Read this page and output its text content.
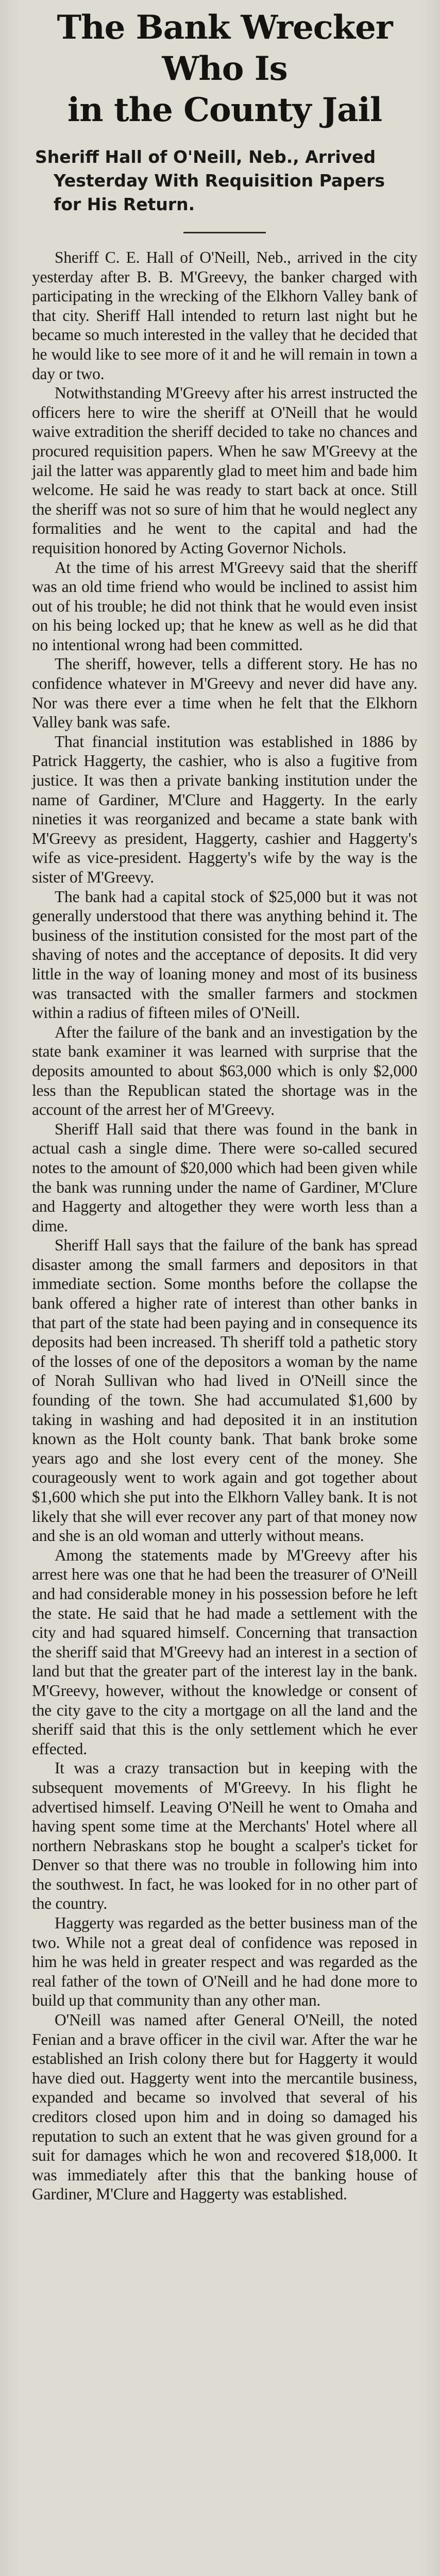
The Bank Wrecker Who Is
in the County Jail
Sheriff Hall of O'Neill, Neb., Arrived
Yesterday With Requisition Papers
for His Return.

Sheriff C. E. Hall of O'Neill, Neb., arrived in the city yesterday after B. B. M'Greevy, the banker charged with participating in the wrecking of the Elkhorn Valley bank of that city. Sheriff Hall intended to return last night but he became so much interested in the valley that he decided that he would like to see more of it and he will remain in town a day or two.

Notwithstanding M'Greevy after his arrest instructed the officers here to wire the sheriff at O'Neill that he would waive extradition the sheriff decided to take no chances and procured requisition papers. When he saw M'Greevy at the jail the latter was apparently glad to meet him and bade him welcome. He said he was ready to start back at once. Still the sheriff was not so sure of him that he would neglect any formalities and he went to the capital and had the requisition honored by Acting Governor Nichols.

At the time of his arrest M'Greevy said that the sheriff was an old time friend who would be inclined to assist him out of his trouble; he did not think that he would even insist on his being locked up; that he knew as well as he did that no intentional wrong had been committed.

The sheriff, however, tells a different story. He has no confidence whatever in M'Greevy and never did have any. Nor was there ever a time when he felt that the Elkhorn Valley bank was safe.

That financial institution was established in 1886 by Patrick Haggerty, the cashier, who is also a fugitive from justice. It was then a private banking institution under the name of Gardiner, M'Clure and Haggerty. In the early nineties it was reorganized and became a state bank with M'Greevy as president, Haggerty, cashier and Haggerty's wife as vice-president. Haggerty's wife by the way is the sister of M'Greevy.

The bank had a capital stock of $25,000 but it was not generally understood that there was anything behind it. The business of the institution consisted for the most part of the shaving of notes and the acceptance of deposits. It did very little in the way of loaning money and most of its business was transacted with the smaller farmers and stockmen within a radius of fifteen miles of O'Neill.

After the failure of the bank and an investigation by the state bank examiner it was learned with surprise that the deposits amounted to about $63,000 which is only $2,000 less than the Republican stated the shortage was in the account of the arrest her of M'Greevy.

Sheriff Hall said that there was found in the bank in actual cash a single dime. There were so-called secured notes to the amount of $20,000 which had been given while the bank was running under the name of Gardiner, M'Clure and Haggerty and altogether they were worth less than a dime.

Sheriff Hall says that the failure of the bank has spread disaster among the small farmers and depositors in that immediate section. Some months before the collapse the bank offered a higher rate of interest than other banks in that part of the state had been paying and in consequence its deposits had been increased. Th sheriff told a pathetic story of the losses of one of the depositors a woman by the name of Norah Sullivan who had lived in O'Neill since the founding of the town. She had accumulated $1,600 by taking in washing and had deposited it in an institution known as the Holt county bank. That bank broke some years ago and she lost every cent of the money. She courageously went to work again and got together about $1,600 which she put into the Elkhorn Valley bank. It is not likely that she will ever recover any part of that money now and she is an old woman and utterly without means.

Among the statements made by M'Greevy after his arrest here was one that he had been the treasurer of O'Neill and had considerable money in his possession before he left the state. He said that he had made a settlement with the city and had squared himself. Concerning that transaction the sheriff said that M'Greevy had an interest in a section of land but that the greater part of the interest lay in the bank. M'Greevy, however, without the knowledge or consent of the city gave to the city a mortgage on all the land and the sheriff said that this is the only settlement which he ever effected.

It was a crazy transaction but in keeping with the subsequent movements of M'Greevy. In his flight he advertised himself. Leaving O'Neill he went to Omaha and having spent some time at the Merchants' Hotel where all northern Nebraskans stop he bought a scalper's ticket for Denver so that there was no trouble in following him into the southwest. In fact, he was looked for in no other part of the country.

Haggerty was regarded as the better business man of the two. While not a great deal of confidence was reposed in him he was held in greater respect and was regarded as the real father of the town of O'Neill and he had done more to build up that community than any other man.

O'Neill was named after General O'Neill, the noted Fenian and a brave officer in the civil war. After the war he established an Irish colony there but for Haggerty it would have died out. Haggerty went into the mercantile business, expanded and became so involved that several of his creditors closed upon him and in doing so damaged his reputation to such an extent that he was given ground for a suit for damages which he won and recovered $18,000. It was immediately after this that the banking house of Gardiner, M'Clure and Haggerty was established.
